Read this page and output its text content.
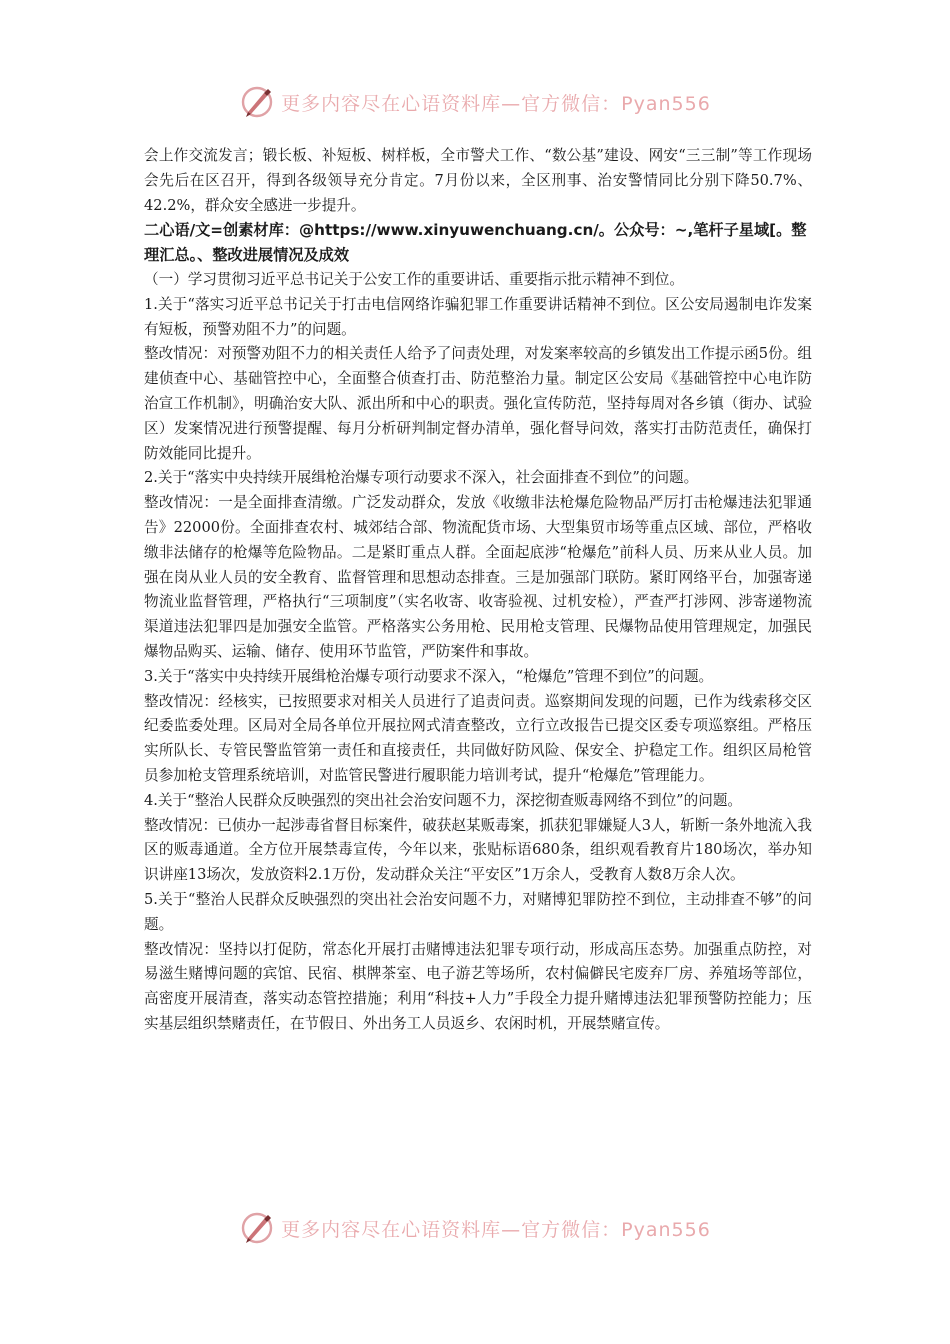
更多内容尽在心语资料库—官方微信：Pyan556

会上作交流发言；锻长板、补短板、树样板，全市警犬工作、“数公基”建设、网安“三三制”等工作现场会先后在区召开，得到各级领导充分肯定。7月份以来，全区刑事、治安警情同比分别下降50.7%、42.2%，群众安全感进一步提升。

二心语/文=创素材库：@https://www.xinyuwenchuang.cn/。公众号：~,笔杆子星域[。整理汇总。、整改进展情况及成效

（一）学习贯彻习近平总书记关于公安工作的重要讲话、重要指示批示精神不到位。

1.关于“落实习近平总书记关于打击电信网络诈骗犯罪工作重要讲话精神不到位。区公安局遏制电诈发案有短板，预警劝阻不力”的问题。

整改情况：对预警劝阻不力的相关责任人给予了问责处理，对发案率较高的乡镇发出工作提示函5份。组建侦查中心、基础管控中心，全面整合侦查打击、防范整治力量。制定区公安局《基础管控中心电诈防治宣工作机制》，明确治安大队、派出所和中心的职责。强化宣传防范，坚持每周对各乡镇（街办、试验区）发案情况进行预警提醒、每月分析研判制定督办清单，强化督导问效，落实打击防范责任，确保打防效能同比提升。

2.关于“落实中央持续开展缉枪治爆专项行动要求不深入，社会面排查不到位”的问题。

整改情况：一是全面排查清缴。广泛发动群众，发放《收缴非法枪爆危险物品严厉打击枪爆违法犯罪通告》22000份。全面排查农村、城郊结合部、物流配货市场、大型集贸市场等重点区域、部位，严格收缴非法储存的枪爆等危险物品。二是紧盯重点人群。全面起底涉“枪爆危”前科人员、历来从业人员。加强在岗从业人员的安全教育、监督管理和思想动态排查。三是加强部门联防。紧盯网络平台，加强寄递物流业监督管理，严格执行“三项制度”（实名收寄、收寄验视、过机安检），严查严打涉网、涉寄递物流渠道违法犯罪四是加强安全监管。严格落实公务用枪、民用枪支管理、民爆物品使用管理规定，加强民爆物品购买、运输、储存、使用环节监管，严防案件和事故。

3.关于“落实中央持续开展缉枪治爆专项行动要求不深入，“枪爆危”管理不到位”的问题。

整改情况：经核实，已按照要求对相关人员进行了追责问责。巡察期间发现的问题，已作为线索移交区纪委监委处理。区局对全局各单位开展拉网式清查整改，立行立改报告已提交区委专项巡察组。严格压实所队长、专管民警监管第一责任和直接责任，共同做好防风险、保安全、护稳定工作。组织区局枪管员参加枪支管理系统培训，对监管民警进行履职能力培训考试，提升“枪爆危”管理能力。

4.关于“整治人民群众反映强烈的突出社会治安问题不力，深挖彻查贩毒网络不到位”的问题。

整改情况：已侦办一起涉毒省督目标案件，破获赵某贩毒案，抓获犯罪嫌疑人3人，斩断一条外地流入我区的贩毒通道。全方位开展禁毒宣传，今年以来，张贴标语680条，组织观看教育片180场次，举办知识讲座13场次，发放资料2.1万份，发动群众关注“平安区”1万余人，受教育人数8万余人次。

5.关于“整治人民群众反映强烈的突出社会治安问题不力，对赌博犯罪防控不到位，主动排查不够”的问题。

整改情况：坚持以打促防，常态化开展打击赌博违法犯罪专项行动，形成高压态势。加强重点防控，对易滋生赌博问题的宾馆、民宿、棋牌茶室、电子游艺等场所，农村偏僻民宅废弃厂房、养殖场等部位，高密度开展清查，落实动态管控措施；利用“科技+人力”手段全力提升赌博违法犯罪预警防控能力；压实基层组织禁赌责任，在节假日、外出务工人员返乡、农闲时机，开展禁赌宣传。

更多内容尽在心语资料库—官方微信：Pyan556
